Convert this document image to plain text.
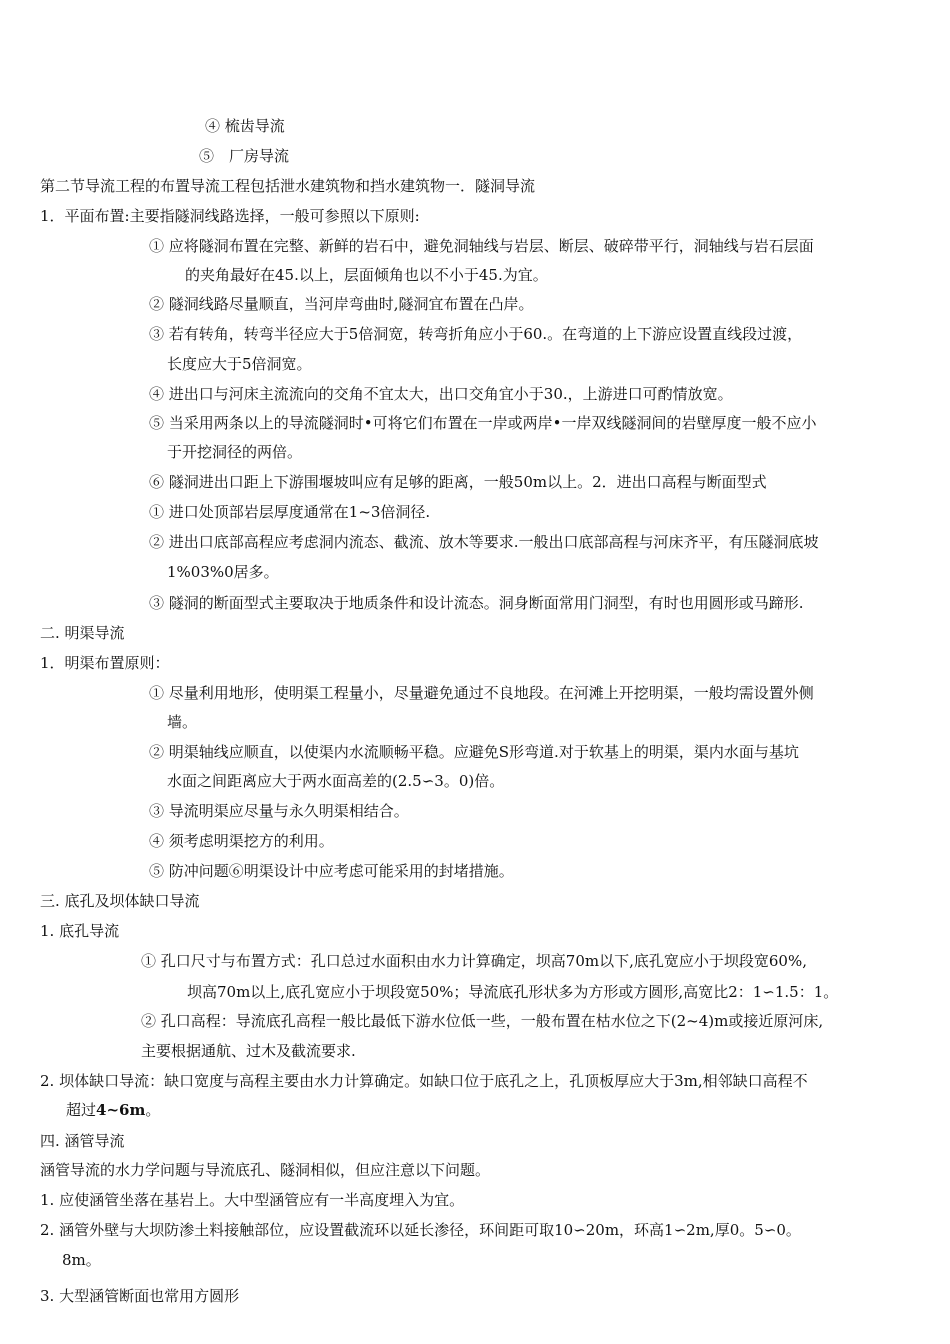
④ 梳齿导流
⑤　厂房导流
第二节导流工程的布置导流工程包括泄水建筑物和挡水建筑物一．隧洞导流
1．平面布置:主要指隧洞线路选择，一般可参照以下原则:
① 应将隧洞布置在完整、新鲜的岩石中，避免洞轴线与岩层、断层、破碎带平行，洞轴线与岩石层面
的夹角最好在45.以上，层面倾角也以不小于45.为宜。
② 隧洞线路尽量顺直，当河岸弯曲时,隧洞宜布置在凸岸。
③ 若有转角，转弯半径应大于5倍洞宽，转弯折角应小于60.。在弯道的上下游应设置直线段过渡，
长度应大于5倍洞宽。
④ 进出口与河床主流流向的交角不宜太大，出口交角宜小于30.，上游进口可酌情放宽。
⑤ 当采用两条以上的导流隧洞时•可将它们布置在一岸或两岸•一岸双线隧洞间的岩壁厚度一般不应小
于开挖洞径的两倍。
⑥ 隧洞进出口距上下游围堰坡叫应有足够的距离，一般50m以上。2．进出口高程与断面型式
① 进口处顶部岩层厚度通常在1~3倍洞径.
② 进出口底部高程应考虑洞内流态、截流、放木等要求.一般出口底部高程与河床齐平，有压隧洞底坡
1%03%0居多。
③ 隧洞的断面型式主要取决于地质条件和设计流态。洞身断面常用门洞型，有时也用圆形或马蹄形.
二. 明渠导流
1．明渠布置原则：
① 尽量利用地形，使明渠工程量小，尽量避免通过不良地段。在河滩上开挖明渠，一般均需设置外侧
墙。
② 明渠轴线应顺直，以使渠内水流顺畅平稳。应避免S形弯道.对于软基上的明渠，渠内水面与基坑
水面之间距离应大于两水面高差的(2.5∽3。0)倍。
③ 导流明渠应尽量与永久明渠相结合。
④ 须考虑明渠挖方的利用。
⑤ 防冲问题⑥明渠设计中应考虑可能采用的封堵措施。
三. 底孔及坝体缺口导流
1. 底孔导流
① 孔口尺寸与布置方式：孔口总过水面积由水力计算确定，坝高70m以下,底孔宽应小于坝段宽60%,
坝高70m以上,底孔宽应小于坝段宽50%；导流底孔形状多为方形或方圆形,高宽比2：1∽1.5：1。
② 孔口高程：导流底孔高程一般比最低下游水位低一些，一般布置在枯水位之下(2~4)m或接近原河床,
主要根据通航、过木及截流要求.
2. 坝体缺口导流：缺口宽度与高程主要由水力计算确定。如缺口位于底孔之上，孔顶板厚应大于3m,相邻缺口高程不
超过4~6m。
四. 涵管导流
涵管导流的水力学问题与导流底孔、隧洞相似，但应注意以下问题。
1. 应使涵管坐落在基岩上。大中型涵管应有一半高度埋入为宜。
2. 涵管外壁与大坝防渗土料接触部位，应设置截流环以延长渗径，环间距可取10∽20m，环高1∽2m,厚0。5∽0。
8m。
3. 大型涵管断面也常用方圆形
